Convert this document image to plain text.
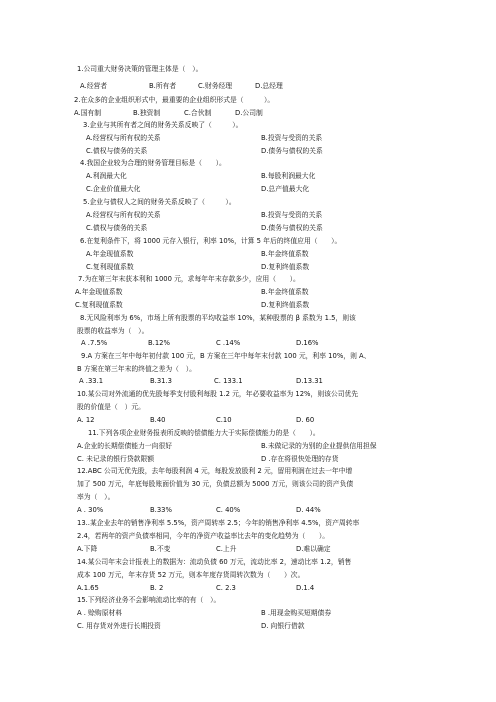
1.公司重大财务决策的管理主体是（　）。
A.经营者	B.所有者	C.财务经理	D.总经理
2.在众多的企业组织形式中，最重要的企业组织形式是（　　　）。
A.国有制	B.独资制	C.合伙制	D.公司制
3.企业与其所有者之间的财务关系反映了（　　　）。
A.经营权与所有权的关系	B.投资与受资的关系
C.债权与债务的关系	D.债务与债权的关系
4.我国企业较为合理的财务管理目标是（　　）。
A.利润最大化	B.每股利润最大化
C.企业价值最大化	D.总产值最大化
5.企业与债权人之间的财务关系反映了（　　　）。
A.经营权与所有权的关系	B.投资与受资的关系
C.债权与债务的关系	D.债务与债权的关系
6.在复利条件下，将 1000 元存入银行，利率 10%，计算 5 年后的终值应用（　　）。
A.年金现值系数	B.年金终值系数
C.复利现值系数	D.复利终值系数
7.为在第三年末获本利和 1000 元，求每年年末存款多少，应用（　　）。
A.年金现值系数	B.年金终值系数
C.复利现值系数	D.复利终值系数
8.无风险利率为 6%，市场上所有股票的平均收益率 10%，某种股票的 β 系数为 1.5，则该
股票的收益率为（　）。
A .7.5%	B.12%	C .14%	D.16%
9.A 方案在三年中每年初付款 100 元，B 方案在三年中每年末付款 100 元，利率 10%，则 A、
B 方案在第三年末的终值之差为（　）。
A .33.1	B.31.3	C. 133.1	D.13.31
10.某公司对外流通的优先股每季支付股利每股 1.2 元，年必要收益率为 12%，则该公司优先
股的价值是（　）元。
A. 12	B.40	C.10	D. 60
11.下列各项企业财务报表所反映的偿债能力大于实际偿债能力的是（　　）。
A.企业的长期偿债能力一向很好	B.未做记录的为别的企业提供信用担保
C. 未记录的银行贷款限额	D .存在将很快处理的存货
12.ABC 公司无优先股，去年每股利润 4 元，每股发放股利 2 元，留用利润在过去一年中增
加了 500 万元，年底每股账面价值为 30 元，负债总额为 5000 万元，则该公司的资产负债
率为（　）。
A . 30%	B.33%	C. 40%	D. 44%
13..某企业去年的销售净利率 5.5%，资产周转率 2.5；今年的销售净利率 4.5%，资产周转率
2.4，若两年的资产负债率相同，今年的净资产收益率比去年的变化趋势为（　　）。
A.下降	B.不变	C.上升	D.难以确定
14.某公司年末会计报表上的数据为：流动负债 60 万元，流动比率 2，速动比率 1.2，销售
成本 100 万元，年末存货 52 万元，则本年度存货周转次数为（　　）次。
A.1.65	B. 2	C. 2.3	D.1.4
15.下列经济业务不会影响流动比率的有（　）。
A . 赊购原材料	B .用现金购买短期债券
C. 用存货对外进行长期投资	D. 向银行借款
